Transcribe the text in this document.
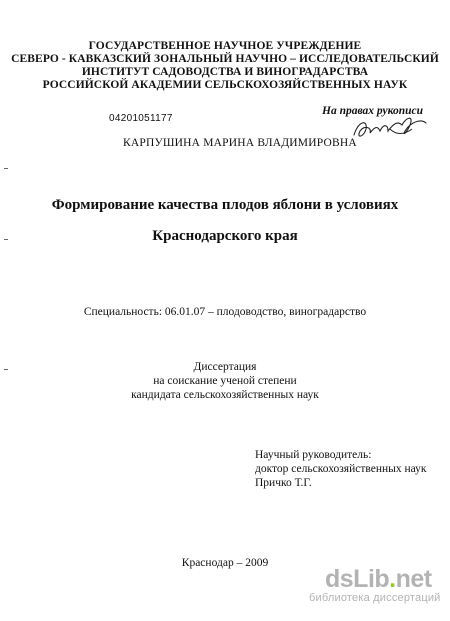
ГОСУДАРСТВЕННОЕ НАУЧНОЕ УЧРЕЖДЕНИЕ
СЕВЕРО - КАВКАЗСКИЙ ЗОНАЛЬНЫЙ НАУЧНО – ИССЛЕДОВАТЕЛЬСКИЙ
ИНСТИТУТ САДОВОДСТВА И ВИНОГРАДАРСТВА
РОССИЙСКОЙ АКАДЕМИИ СЕЛЬСКОХОЗЯЙСТВЕННЫХ НАУК
На правах рукописи
04201051177
КАРПУШИНА МАРИНА ВЛАДИМИРОВНА
Формирование качества плодов яблони в условиях
Краснодарского края
Специальность: 06.01.07 – плодоводство, виноградарство
Диссертация
на соискание ученой степени
кандидата сельскохозяйственных наук
Научный руководитель:
доктор сельскохозяйственных наук
Причко Т.Г.
Краснодар – 2009
dsLib.net
библиотека диссертаций
